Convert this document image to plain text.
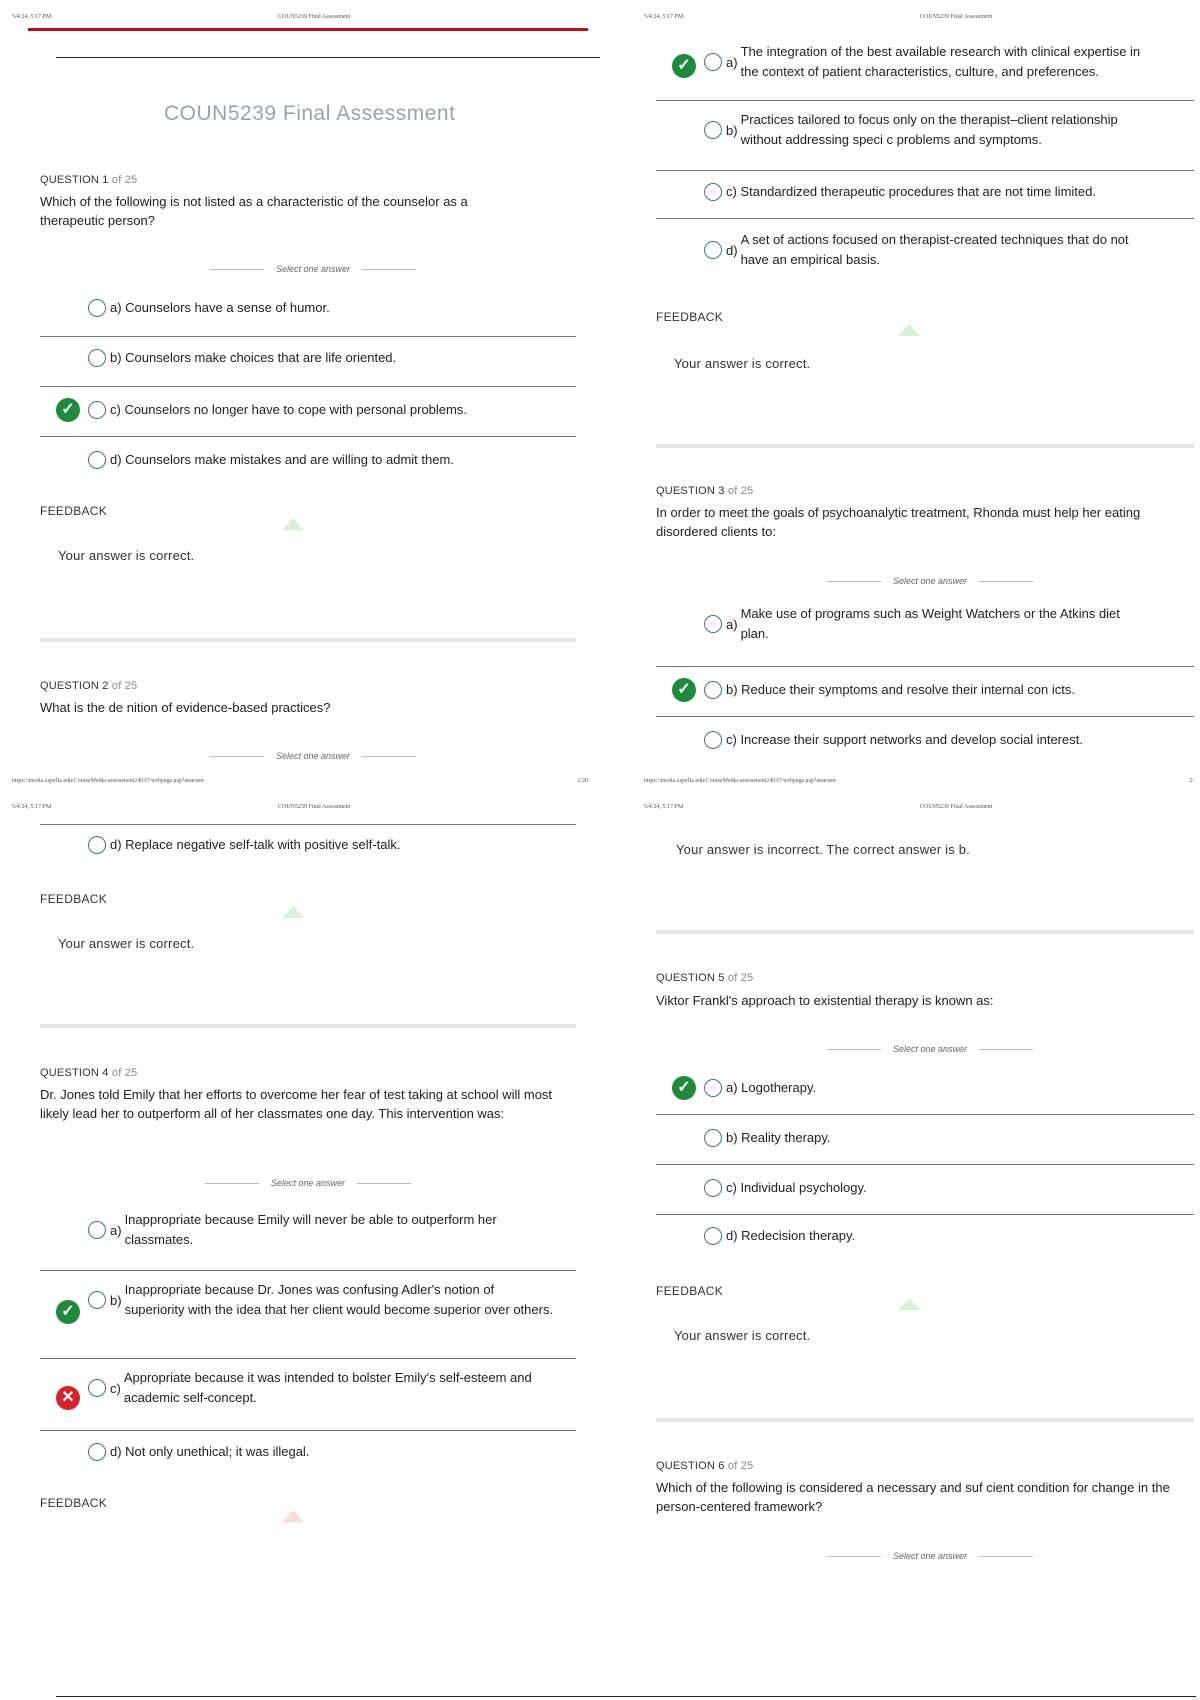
5/4/24, 5:17 PM	COUN5239 Final Assessment
COUN5239 Final Assessment
QUESTION 1 of 25
Which of the following is not listed as a characteristic of the counselor as a therapeutic person?
Select one answer
a) Counselors have a sense of humor.
b) Counselors make choices that are life oriented.
✓	c) Counselors no longer have to cope with personal problems.
d) Counselors make mistakes and are willing to admit them.
FEEDBACK
Your answer is correct.
QUESTION 2 of 25
What is the de nition of evidence-based practices?
Select one answer
https://media.capella.edu/CourseMedia/assessment24037/webpage.asp?assessm	1/20
5/4/24, 5:17 PM	COUN5239 Final Assessment
✓	a)
The integration of the best available research with clinical expertise in the context of patient characteristics, culture, and preferences.
b)
Practices tailored to focus only on the therapist–client relationship without addressing speci c problems and symptoms.
c) Standardized therapeutic procedures that are not time limited.
d)
A set of actions focused on therapist-created techniques that do not have an empirical basis.
FEEDBACK
Your answer is correct.
QUESTION 3 of 25
In order to meet the goals of psychoanalytic treatment, Rhonda must help her eating disordered clients to:
Select one answer
a)
Make use of programs such as Weight Watchers or the Atkins diet plan.
✓	b) Reduce their symptoms and resolve their internal con icts.
c) Increase their support networks and develop social interest.
https://media.capella.edu/CourseMedia/assessment24037/webpage.asp?assessm	2/
5/4/24, 5:17 PM	COUN5239 Final Assessment
d) Replace negative self-talk with positive self-talk.
FEEDBACK
Your answer is correct.
QUESTION 4 of 25
Dr. Jones told Emily that her efforts to overcome her fear of test taking at school will most likely lead her to outperform all of her classmates one day. This intervention was:
Select one answer
a)
Inappropriate because Emily will never be able to outperform her classmates.
✓
b)
Inappropriate because Dr. Jones was confusing Adler's notion of superiority with the idea that her client would become superior over others.
✕
c)
Appropriate because it was intended to bolster Emily's self-esteem and academic self-concept.
d) Not only unethical; it was illegal.
FEEDBACK
5/4/24, 5:17 PM	COUN5239 Final Assessment
Your answer is incorrect. The correct answer is b.
QUESTION 5 of 25
Viktor Frankl's approach to existential therapy is known as:
Select one answer
✓	a) Logotherapy.
b) Reality therapy.
c) Individual psychology.
d) Redecision therapy.
FEEDBACK
Your answer is correct.
QUESTION 6 of 25
Which of the following is considered a necessary and suf cient condition for change in the person-centered framework?
Select one answer
